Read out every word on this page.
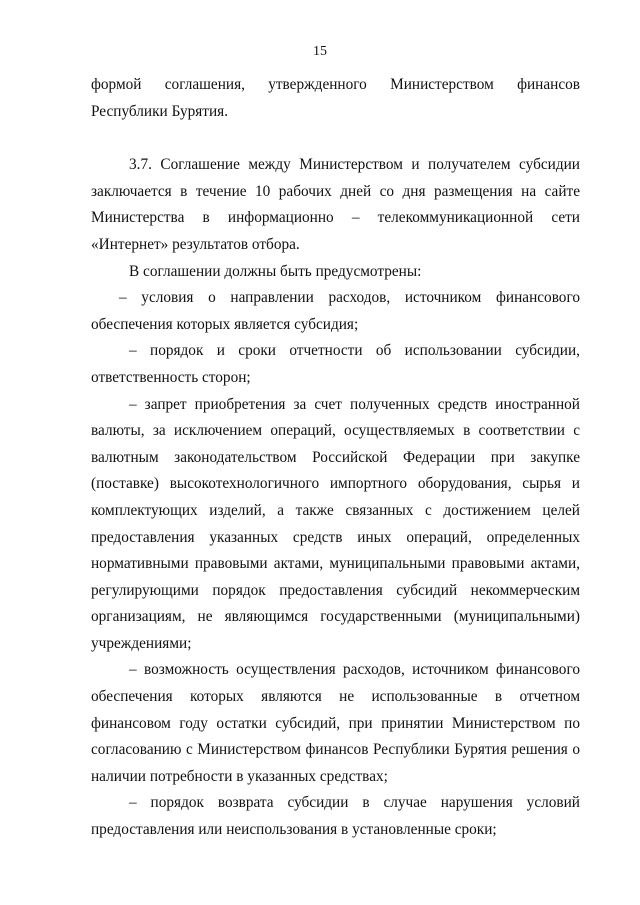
15

формой соглашения, утвержденного Министерством финансов Республики Бурятия.

3.7. Соглашение между Министерством и получателем субсидии заключается в течение 10 рабочих дней со дня размещения на сайте Министерства в информационно – телекоммуникационной сети «Интернет» результатов отбора.

В соглашении должны быть предусмотрены:

– условия о направлении расходов, источником финансового обеспечения которых является субсидия;

– порядок и сроки отчетности об использовании субсидии, ответственность сторон;

– запрет приобретения за счет полученных средств иностранной валюты, за исключением операций, осуществляемых в соответствии с валютным законодательством Российской Федерации при закупке (поставке) высокотехнологичного импортного оборудования, сырья и комплектующих изделий, а также связанных с достижением целей предоставления указанных средств иных операций, определенных нормативными правовыми актами, муниципальными правовыми актами, регулирующими порядок предоставления субсидий некоммерческим организациям, не являющимся государственными (муниципальными) учреждениями;

– возможность осуществления расходов, источником финансового обеспечения которых являются не использованные в отчетном финансовом году остатки субсидий, при принятии Министерством по согласованию с Министерством финансов Республики Бурятия решения о наличии потребности в указанных средствах;

– порядок возврата субсидии в случае нарушения условий предоставления или неиспользования в установленные сроки;
